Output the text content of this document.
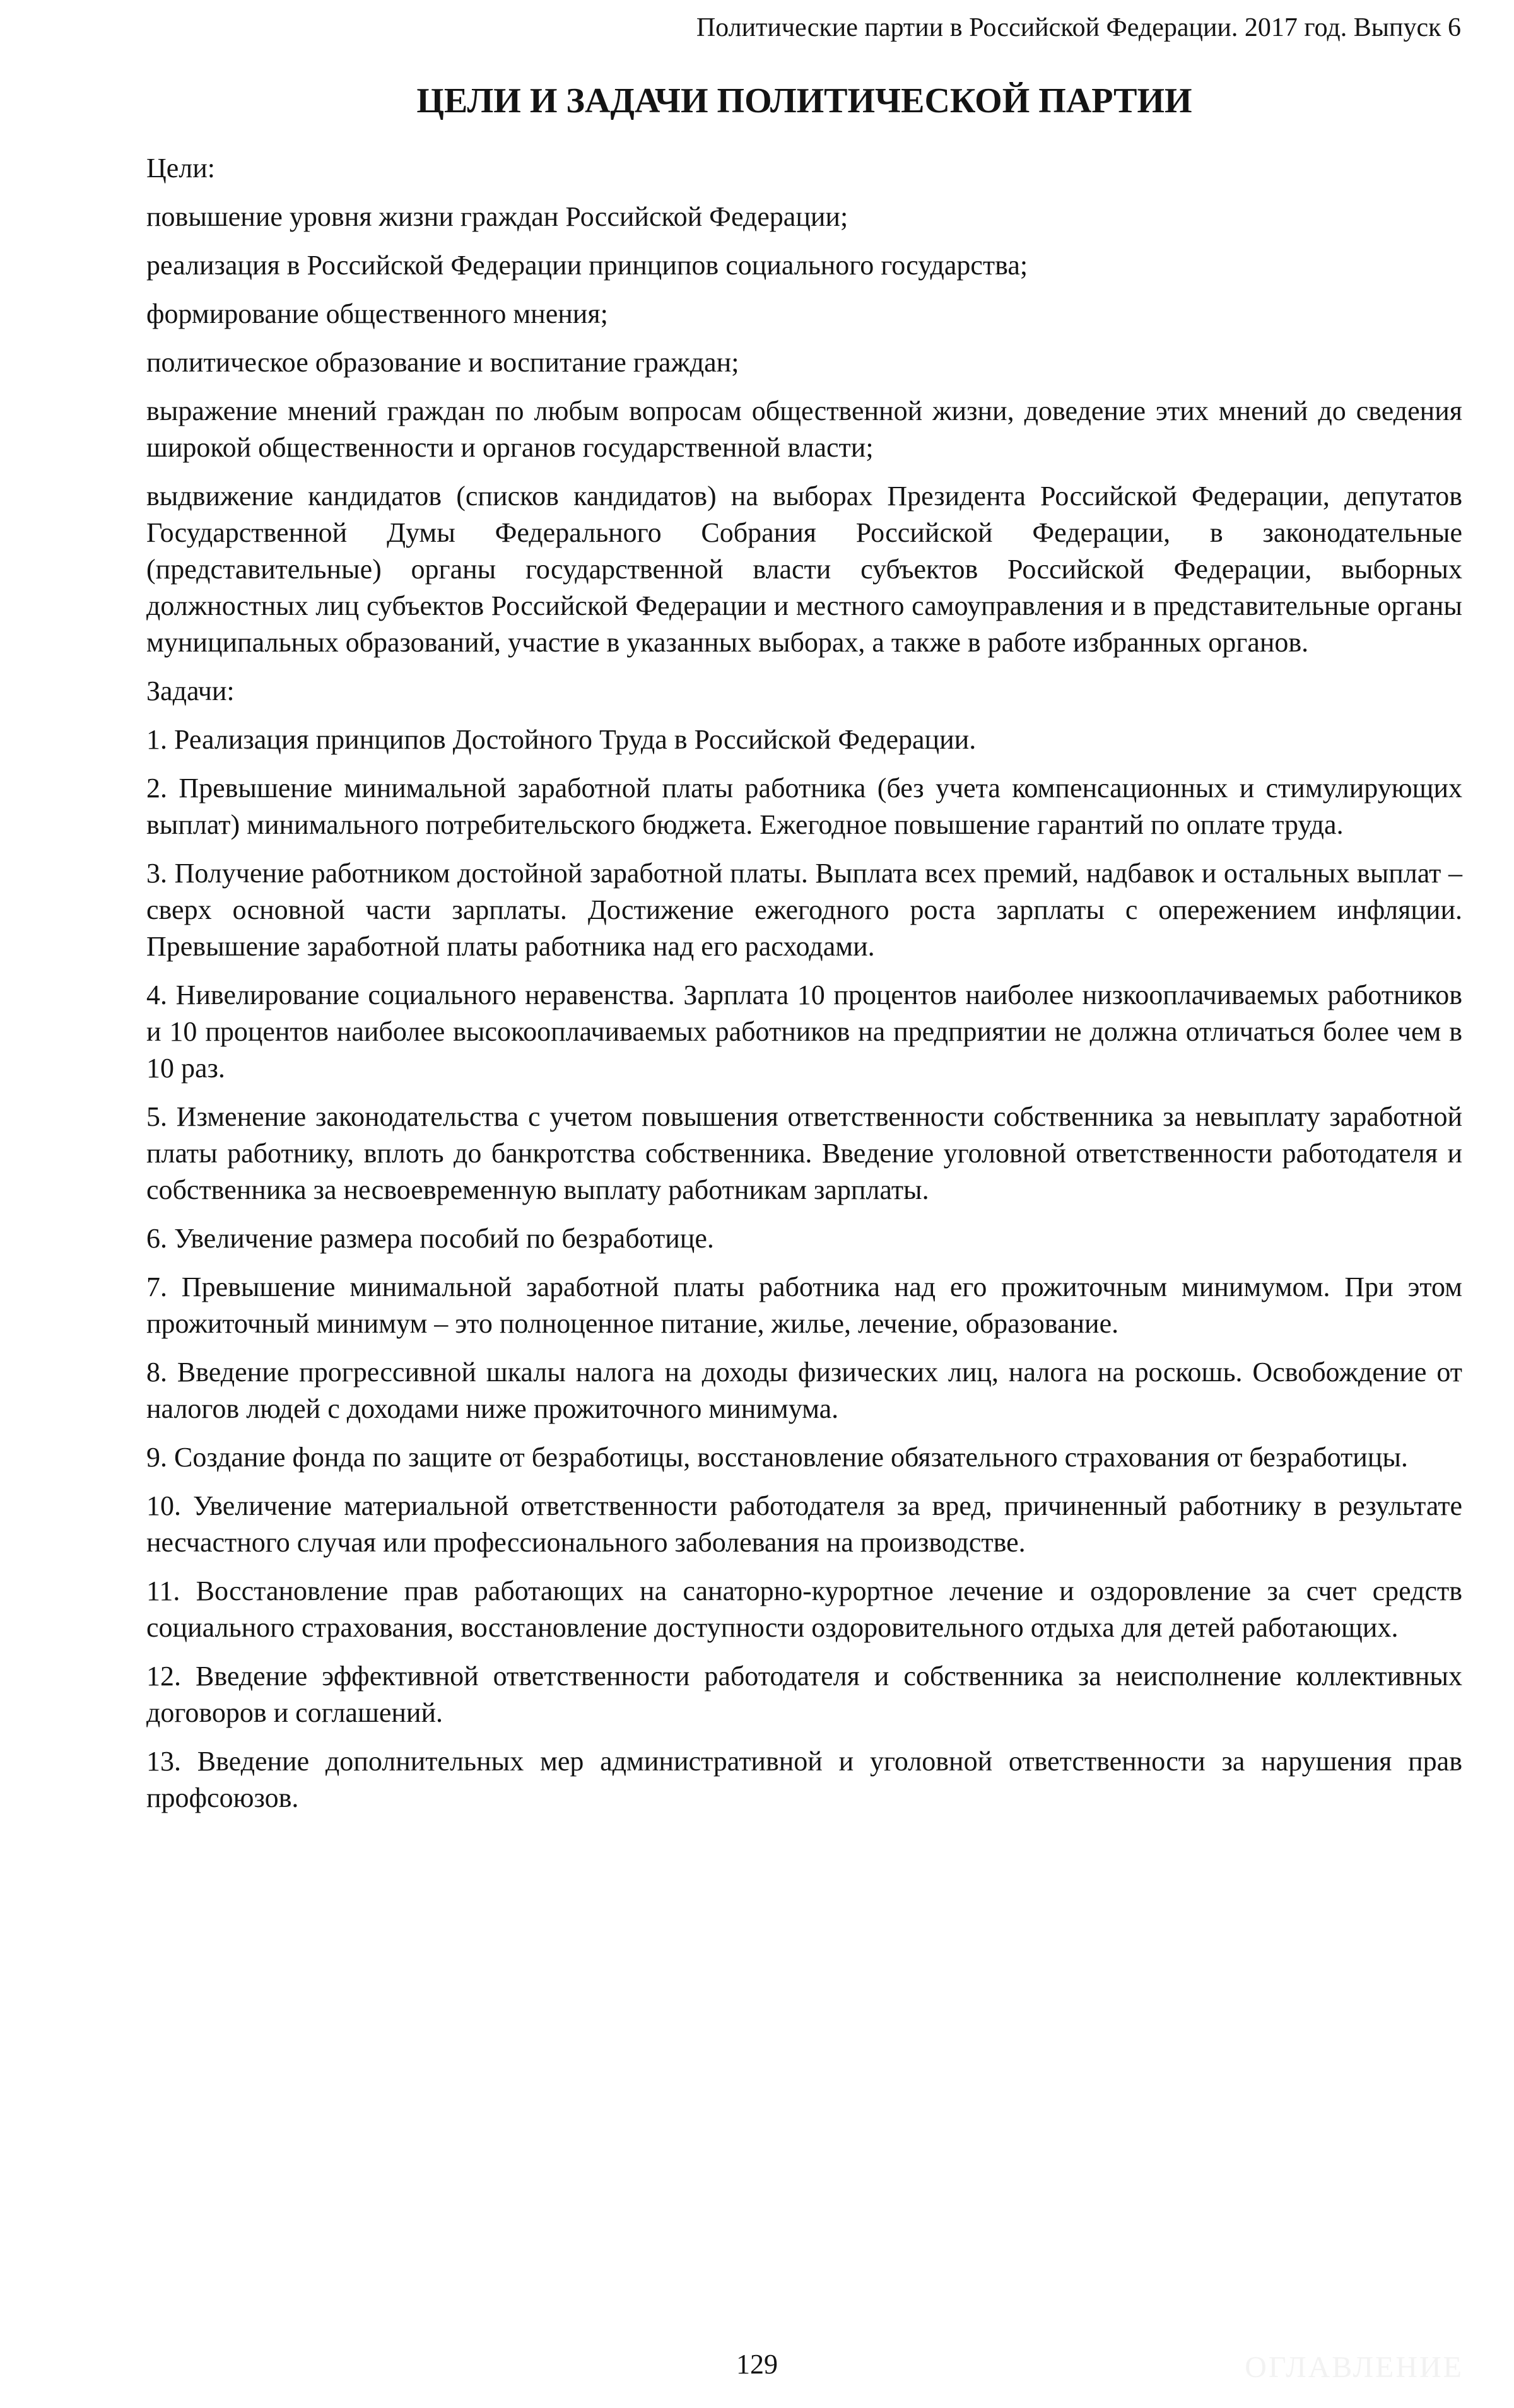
Политические партии в Российской Федерации. 2017 год. Выпуск 6
ЦЕЛИ И ЗАДАЧИ ПОЛИТИЧЕСКОЙ ПАРТИИ

Цели:

повышение уровня жизни граждан Российской Федерации;

реализация в Российской Федерации принципов социального государства;

формирование общественного мнения;

политическое образование и воспитание граждан;

выражение мнений граждан по любым вопросам общественной жизни, доведение этих мнений до сведения широкой общественности и органов государственной власти;

выдвижение кандидатов (списков кандидатов) на выборах Президента Российской Федерации, депутатов Государственной Думы Федерального Собрания Российской Федерации, в законодательные (представительные) органы государственной власти субъектов Российской Федерации, выборных должностных лиц субъектов Российской Федерации и местного самоуправления и в представительные органы муниципальных образований, участие в указанных выборах, а также в работе избранных органов.

Задачи:

1. Реализация принципов Достойного Труда в Российской Федерации.

2. Превышение минимальной заработной платы работника (без учета компенсационных и стимулирующих выплат) минимального потребительского бюджета. Ежегодное повышение гарантий по оплате труда.

3. Получение работником достойной заработной платы. Выплата всех премий, надбавок и остальных выплат – сверх основной части зарплаты. Достижение ежегодного роста зарплаты с опережением инфляции. Превышение заработной платы работника над его расходами.

4. Нивелирование социального неравенства. Зарплата 10 процентов наиболее низкооплачиваемых работников и 10 процентов наиболее высокооплачиваемых работников на предприятии не должна отличаться более чем в 10 раз.

5. Изменение законодательства с учетом повышения ответственности собственника за невыплату заработной платы работнику, вплоть до банкротства собственника. Введение уголовной ответственности работодателя и собственника за несвоевременную выплату работникам зарплаты.

6. Увеличение размера пособий по безработице.

7. Превышение минимальной заработной платы работника над его прожиточным минимумом. При этом прожиточный минимум – это полноценное питание, жилье, лечение, образование.

8. Введение прогрессивной шкалы налога на доходы физических лиц, налога на роскошь. Освобождение от налогов людей с доходами ниже прожиточного минимума.

9. Создание фонда по защите от безработицы, восстановление обязательного страхования от безработицы.

10. Увеличение материальной ответственности работодателя за вред, причиненный работнику в результате несчастного случая или профессионального заболевания на производстве.

11. Восстановление прав работающих на санаторно-курортное лечение и оздоровление за счет средств социального страхования, восстановление доступности оздоровительного отдыха для детей работающих.

12. Введение эффективной ответственности работодателя и собственника за неисполнение коллективных договоров и соглашений.

13. Введение дополнительных мер административной и уголовной ответственности за нарушения прав профсоюзов.

129	ОГЛАВЛЕНИЕ
